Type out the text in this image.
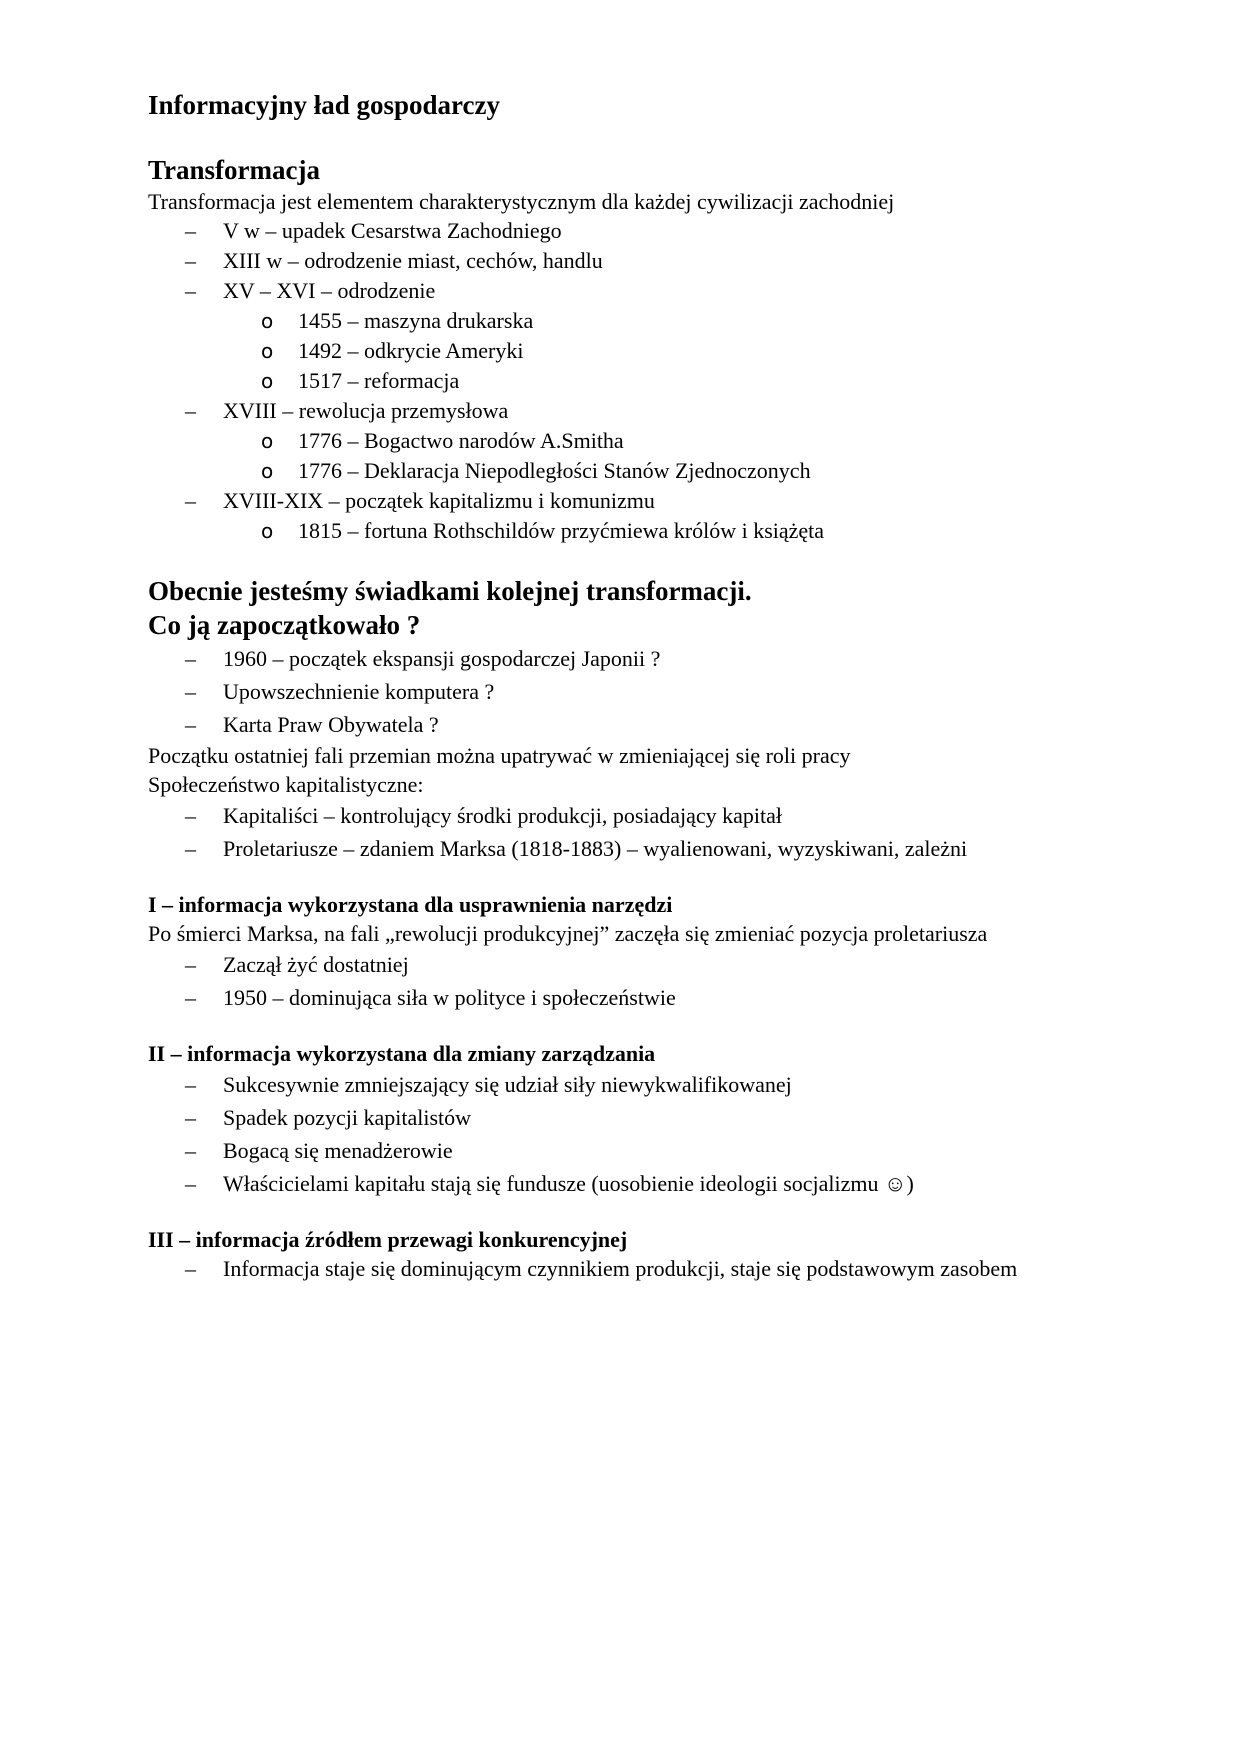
Informacyjny ład gospodarczy
Transformacja

Transformacja jest elementem charakterystycznym dla każdej cywilizacji zachodniej

– V w – upadek Cesarstwa Zachodniego
– XIII w – odrodzenie miast, cechów, handlu
– XV – XVI – odrodzenie
o 1455 – maszyna drukarska
o 1492 – odkrycie Ameryki
o 1517 – reformacja
– XVIII – rewolucja przemysłowa
o 1776 – Bogactwo narodów A.Smitha
o 1776 – Deklaracja Niepodległości Stanów Zjednoczonych
– XVIII-XIX – początek kapitalizmu i komunizmu
o 1815 – fortuna Rothschildów przyćmiewa królów i książęta
Obecnie jesteśmy świadkami kolejnej transformacji.
Co ją zapoczątkowało ?
– 1960 – początek ekspansji gospodarczej Japonii ?
– Upowszechnienie komputera ?
– Karta Praw Obywatela ?

Początku ostatniej fali przemian można upatrywać w zmieniającej się roli pracy

Społeczeństwo kapitalistyczne:

– Kapitaliści – kontrolujący środki produkcji, posiadający kapitał
– Proletariusze – zdaniem Marksa (1818-1883) – wyalienowani, wyzyskiwani, zależni
I – informacja wykorzystana dla usprawnienia narzędzi

Po śmierci Marksa, na fali „rewolucji produkcyjnej” zaczęła się zmieniać pozycja proletariusza

– Zaczął żyć dostatniej
– 1950 – dominująca siła w polityce i społeczeństwie
II – informacja wykorzystana dla zmiany zarządzania
– Sukcesywnie zmniejszający się udział siły niewykwalifikowanej
– Spadek pozycji kapitalistów
– Bogacą się menadżerowie
– Właścicielami kapitału stają się fundusze (uosobienie ideologii socjalizmu ☺)
III – informacja źródłem przewagi konkurencyjnej
– Informacja staje się dominującym czynnikiem produkcji, staje się podstawowym zasobem
